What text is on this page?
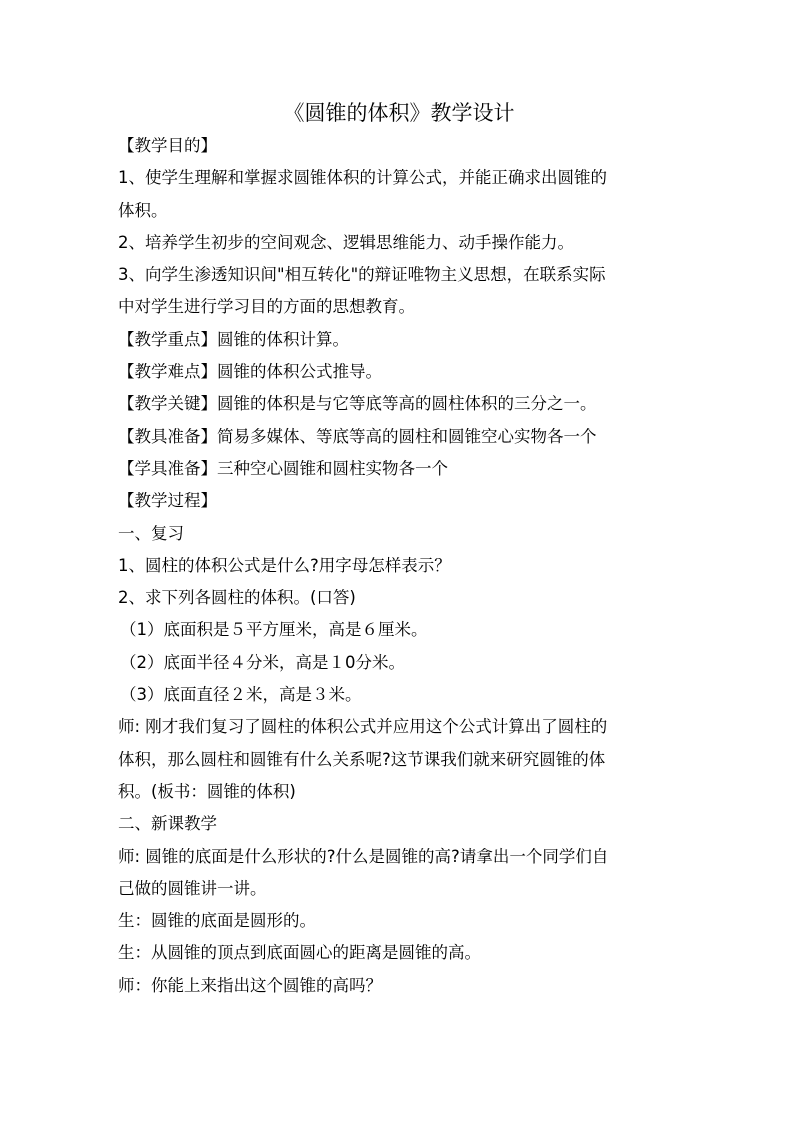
《圆锥的体积》教学设计

【教学目的】

1、使学生理解和掌握求圆锥体积的计算公式，并能正确求出圆锥的

体积。

2、培养学生初步的空间观念、逻辑思维能力、动手操作能力。

3、向学生渗透知识间"相互转化"的辩证唯物主义思想，在联系实际

中对学生进行学习目的方面的思想教育。

【教学重点】圆锥的体积计算。

【教学难点】圆锥的体积公式推导。

【教学关键】圆锥的体积是与它等底等高的圆柱体积的三分之一。

【教具准备】简易多媒体、等底等高的圆柱和圆锥空心实物各一个

【学具准备】三种空心圆锥和圆柱实物各一个

【教学过程】

一、复习

1、圆柱的体积公式是什么?用字母怎样表示？

2、求下列各圆柱的体积。(口答)

（1）底面积是５平方厘米，高是６厘米。

（2）底面半径４分米，高是１0分米。

（3）底面直径２米，高是３米。

师: 刚才我们复习了圆柱的体积公式并应用这个公式计算出了圆柱的

体积，那么圆柱和圆锥有什么关系呢?这节课我们就来研究圆锥的体

积。(板书：圆锥的体积)

二、新课教学

师: 圆锥的底面是什么形状的?什么是圆锥的高?请拿出一个同学们自

己做的圆锥讲一讲。

生：圆锥的底面是圆形的。

生：从圆锥的顶点到底面圆心的距离是圆锥的高。

师：你能上来指出这个圆锥的高吗？
